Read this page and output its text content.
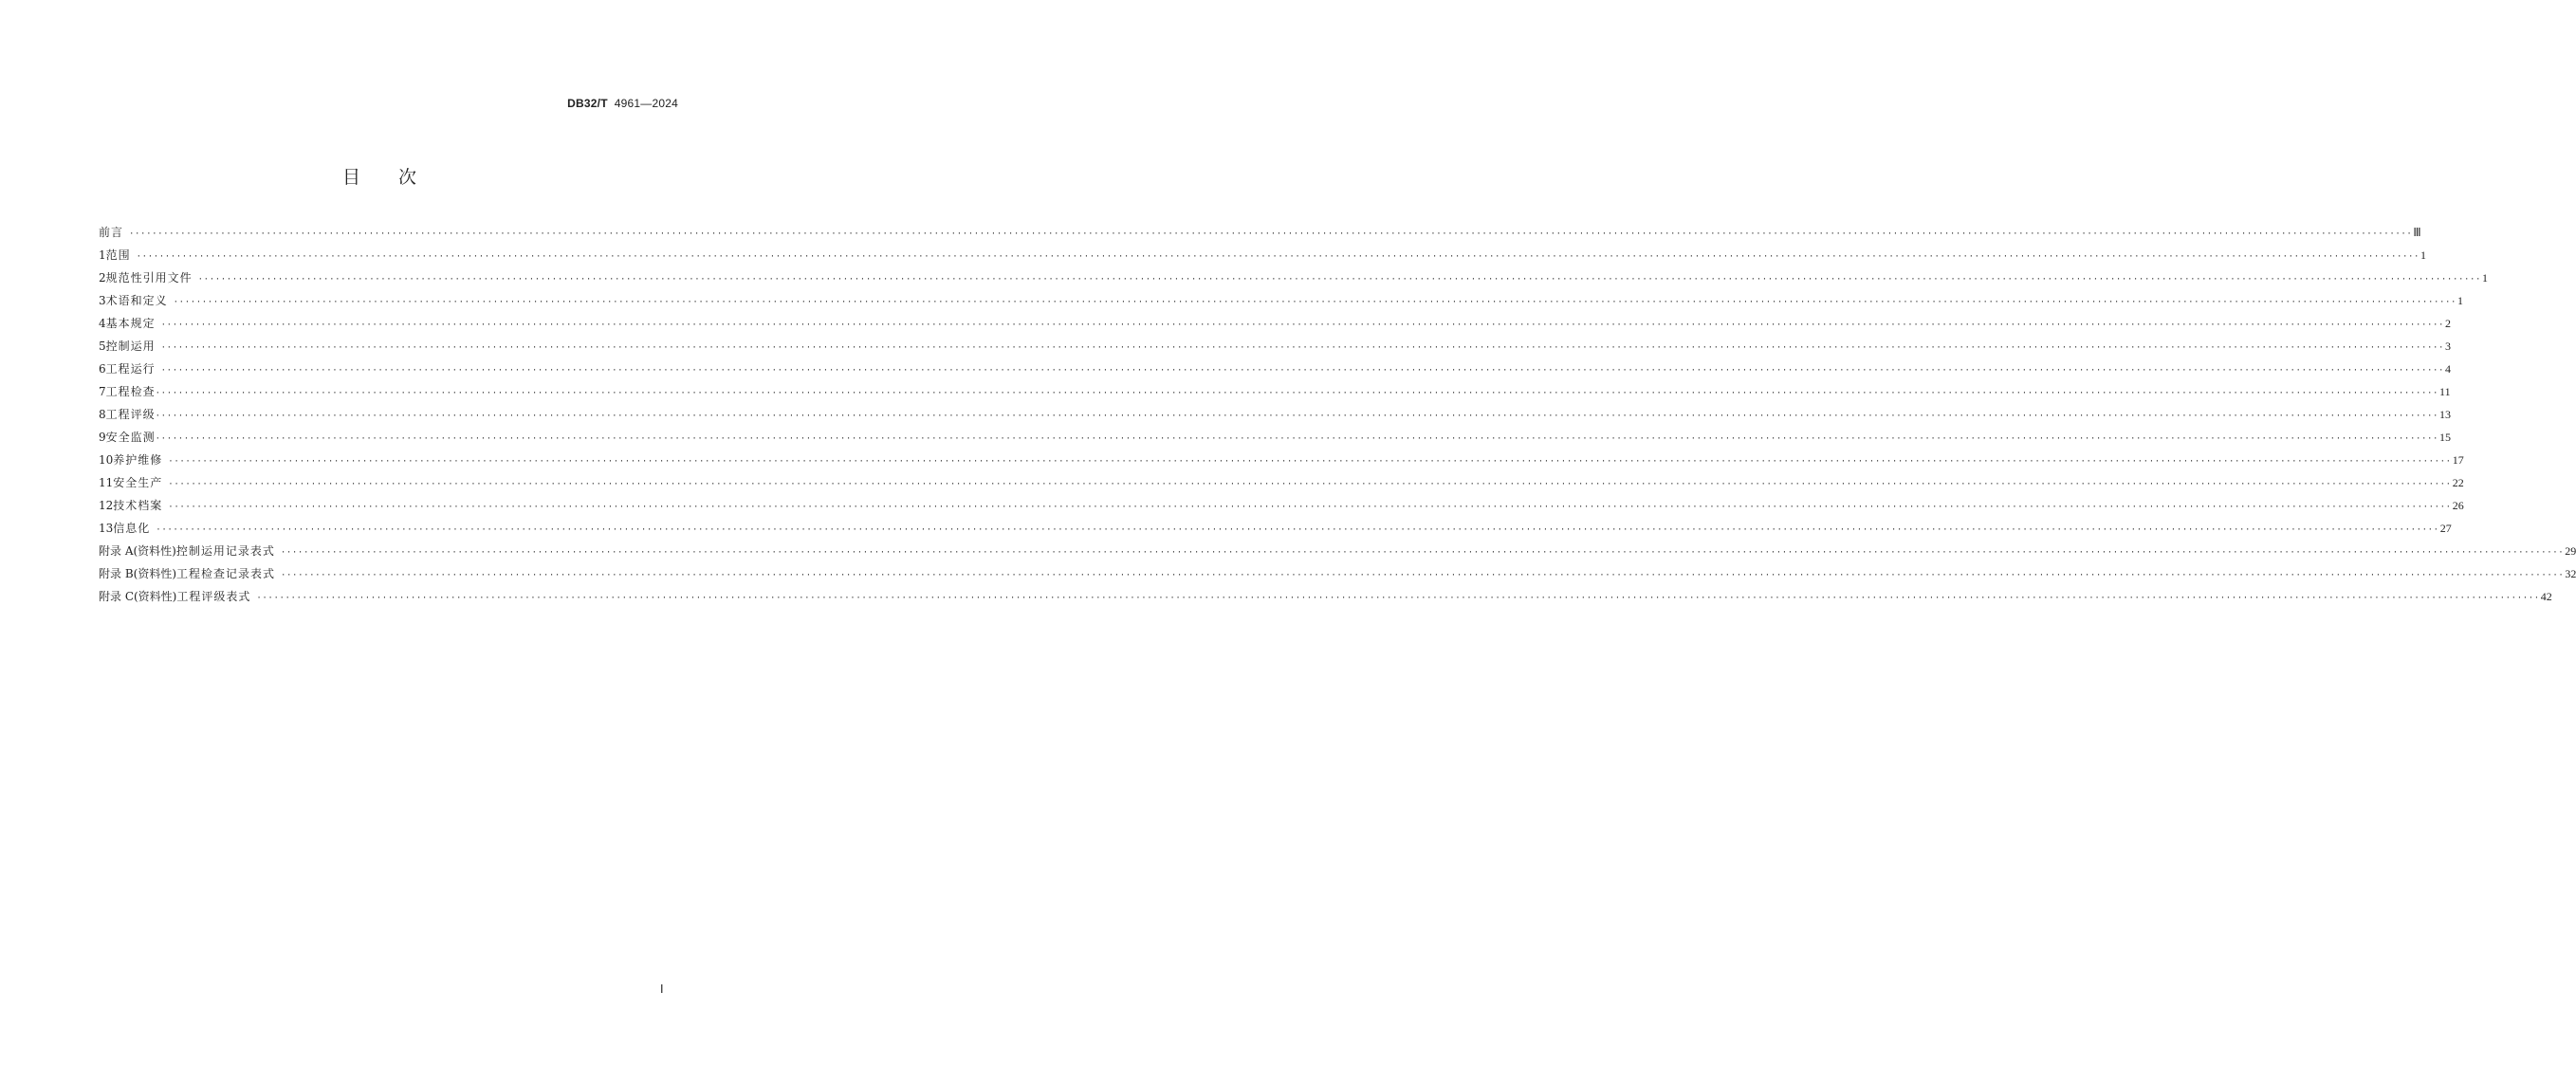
DB32/T 4961—2024
目 次
前言 ················································································································································································································································································································································································································ Ⅲ
1 范围 ················································································································································································································································································································································································································ 1
2 规范性引用文件 ················································································································································································································································································································································································································ 1
3 术语和定义 ················································································································································································································································································································································································································ 1
4 基本规定 ················································································································································································································································································································································································································ 2
5 控制运用 ················································································································································································································································································································································································································ 3
6 工程运行 ················································································································································································································································································································································································································ 4
7 工程检查 ················································································································································································································································································································································································································ 11
8 工程评级 ················································································································································································································································································································································································································ 13
9 安全监测 ················································································································································································································································································································································································································ 15
10 养护维修 ················································································································································································································································································································································································································ 17
11 安全生产 ················································································································································································································································································································································································································ 22
12 技术档案 ················································································································································································································································································································································································································ 26
13 信息化 ················································································································································································································································································································································································································ 27
附录 A(资料性) 控制运用记录表式 ················································································································································································································································································································································································································ 29
附录 B(资料性) 工程检查记录表式 ················································································································································································································································································································································································································ 32
附录 C(资料性) 工程评级表式 ················································································································································································································································································································································································································ 42
Ⅰ
